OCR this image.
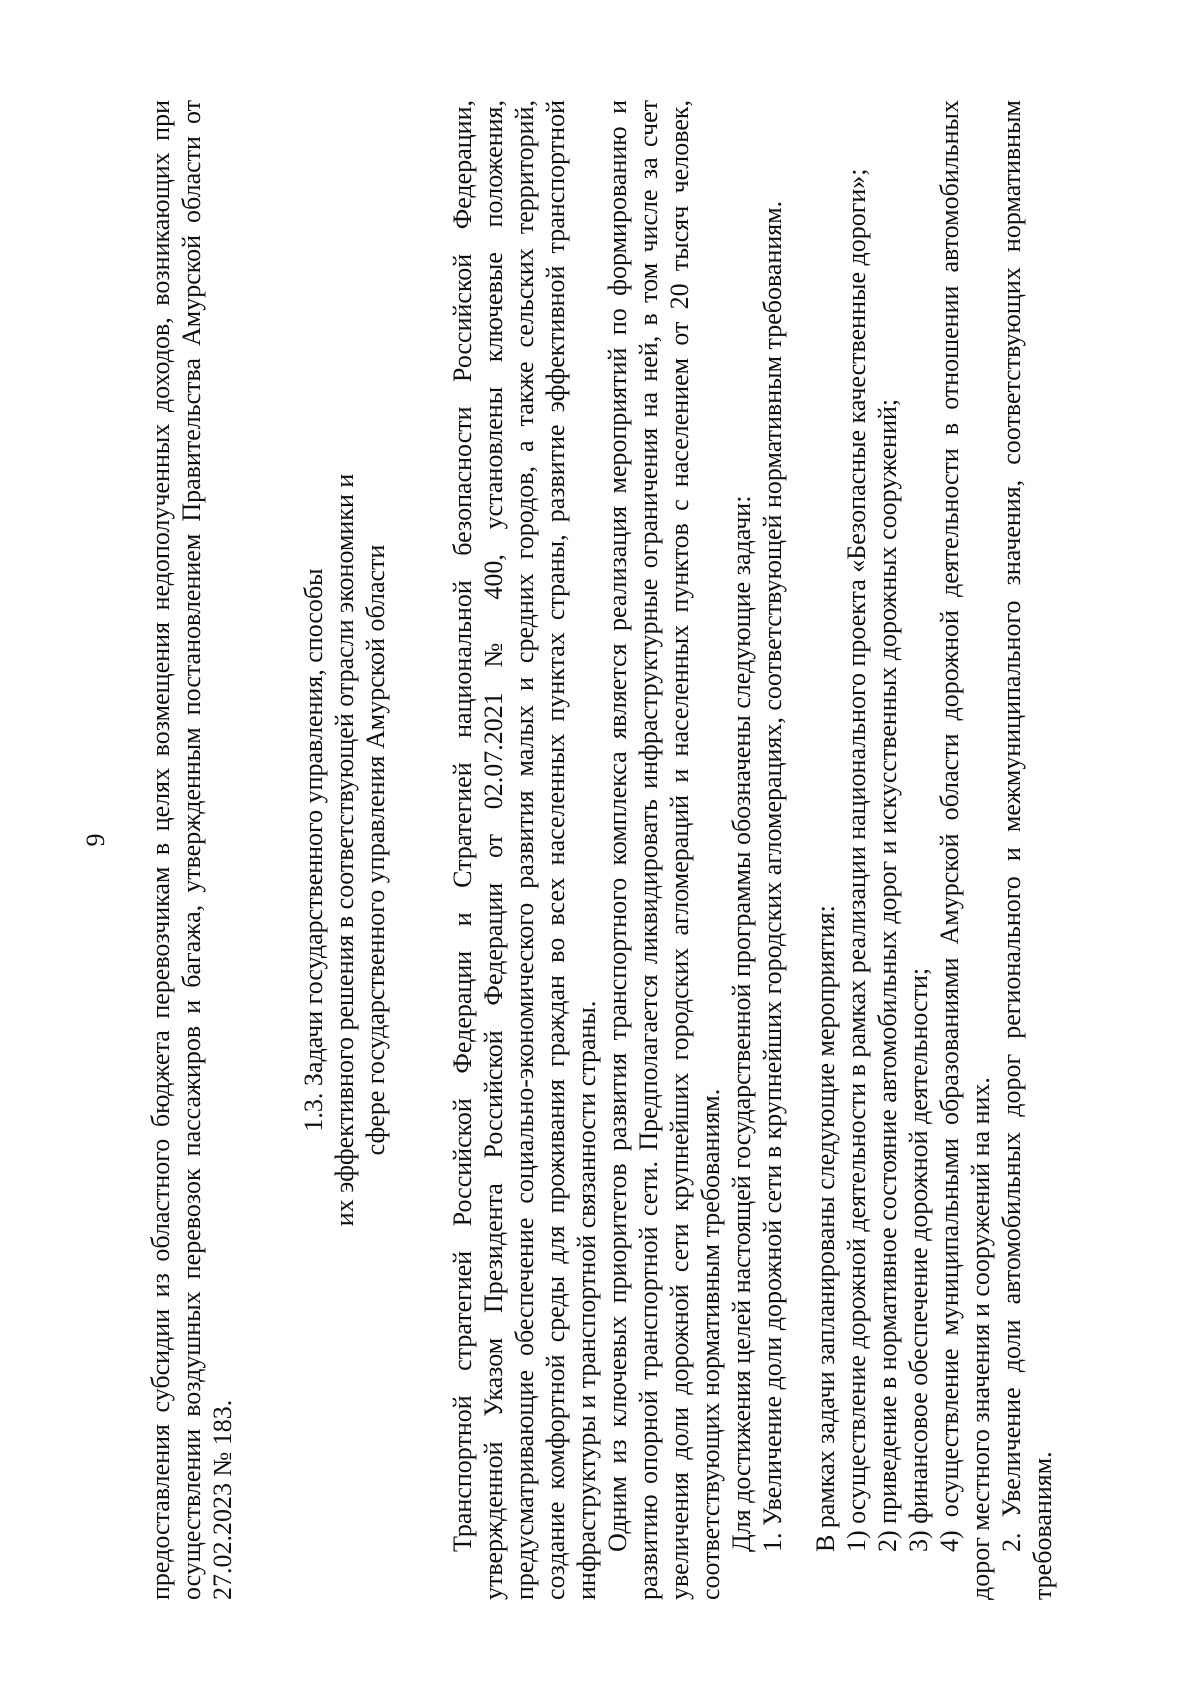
9 предоставления субсидии из областного бюджета перевозчикам в целях возмещения недополученных доходов, возникающих при осуществлении воздушных перевозок пассажиров и багажа, утвержденным постановлением Правительства Амурской области от 27.02.2023 № 183.

1.3. Задачи государственного управления, способы их эффективного решения в соответствующей отрасли экономики и сфере государственного управления Амурской области Транспортной стратегией Российской Федерации и Стратегией национальной безопасности Российской Федерации, утвержденной Указом Президента Российской Федерации от 02.07.2021 № 400, установлены ключевые положения, предусматривающие обеспечение социально-экономического развития малых и средних городов, а также сельских территорий, создание комфортной среды для проживания граждан во всех населенных пунктах страны, развитие эффективной транспортной инфраструктуры и транспортной связанности страны. Одним из ключевых приоритетов развития транспортного комплекса является реализация мероприятий по формированию и развитию опорной транспортной сети. Предполагается ликвидировать инфраструктурные ограничения на ней, в том числе за счет увеличения доли дорожной сети крупнейших городских агломераций и населенных пунктов с населением от 20 тысяч человек, соответствующих нормативным требованиям. Для достижения целей настоящей государственной программы обозначены следующие задачи: 1. Увеличение доли дорожной сети в крупнейших городских агломерациях, соответствующей нормативным требованиям. В рамках задачи запланированы следующие мероприятия: 1) осуществление дорожной деятельности в рамках реализации национального проекта «Безопасные качественные дороги»; 2) приведение в нормативное состояние автомобильных дорог и искусственных дорожных сооружений; 3) финансовое обеспечение дорожной деятельности; 4) осуществление муниципальными образованиями Амурской области дорожной деятельности в отношении автомобильных дорог местного значения и сооружений на них. 2. Увеличение доли автомобильных дорог регионального и межмуниципального значения, соответствующих нормативным требованиям.
